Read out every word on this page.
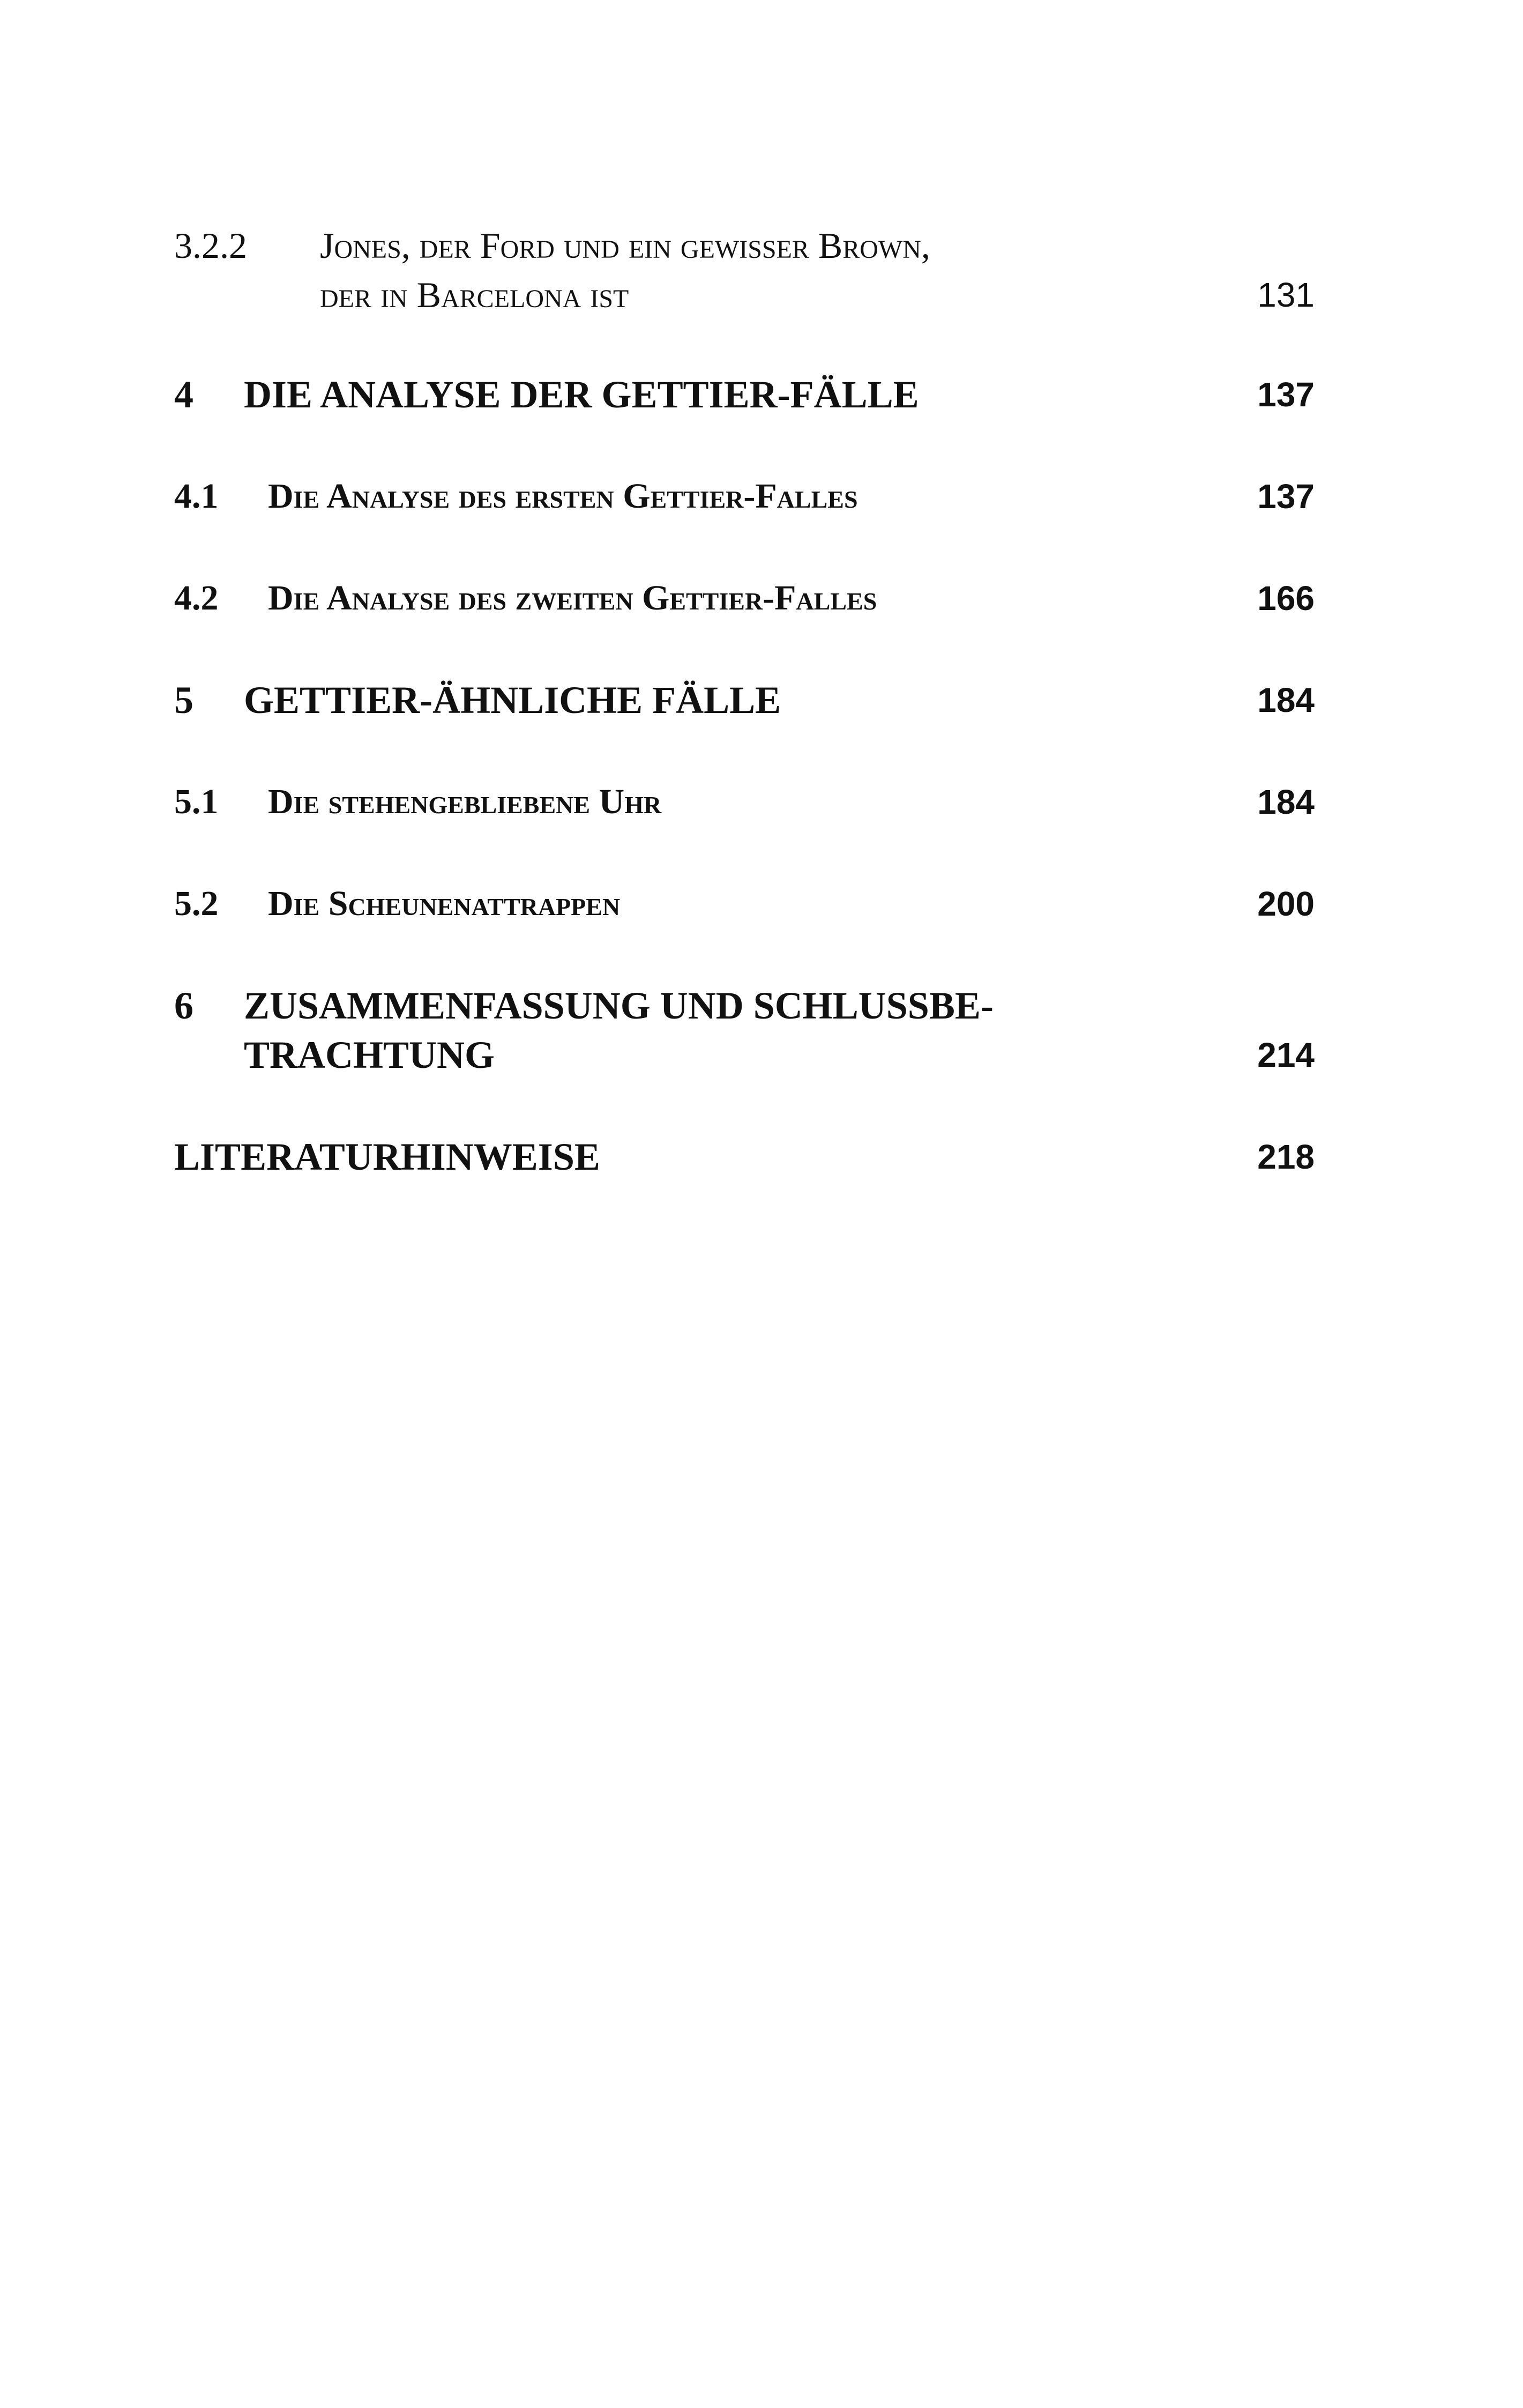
3.2.2 Jones, der Ford und ein gewisser Brown,
der in Barcelona ist	131
4 DIE ANALYSE DER GETTIER-FÄLLE	137
4.1 Die Analyse des ersten Gettier-Falles	137
4.2 Die Analyse des zweiten Gettier-Falles	166
5 GETTIER-ÄHNLICHE FÄLLE	184
5.1 Die stehengebliebene Uhr	184
5.2 Die Scheunenattrappen	200
6 ZUSAMMENFASSUNG UND SCHLUSSBE-
TRACHTUNG	214
LITERATURHINWEISE	218
